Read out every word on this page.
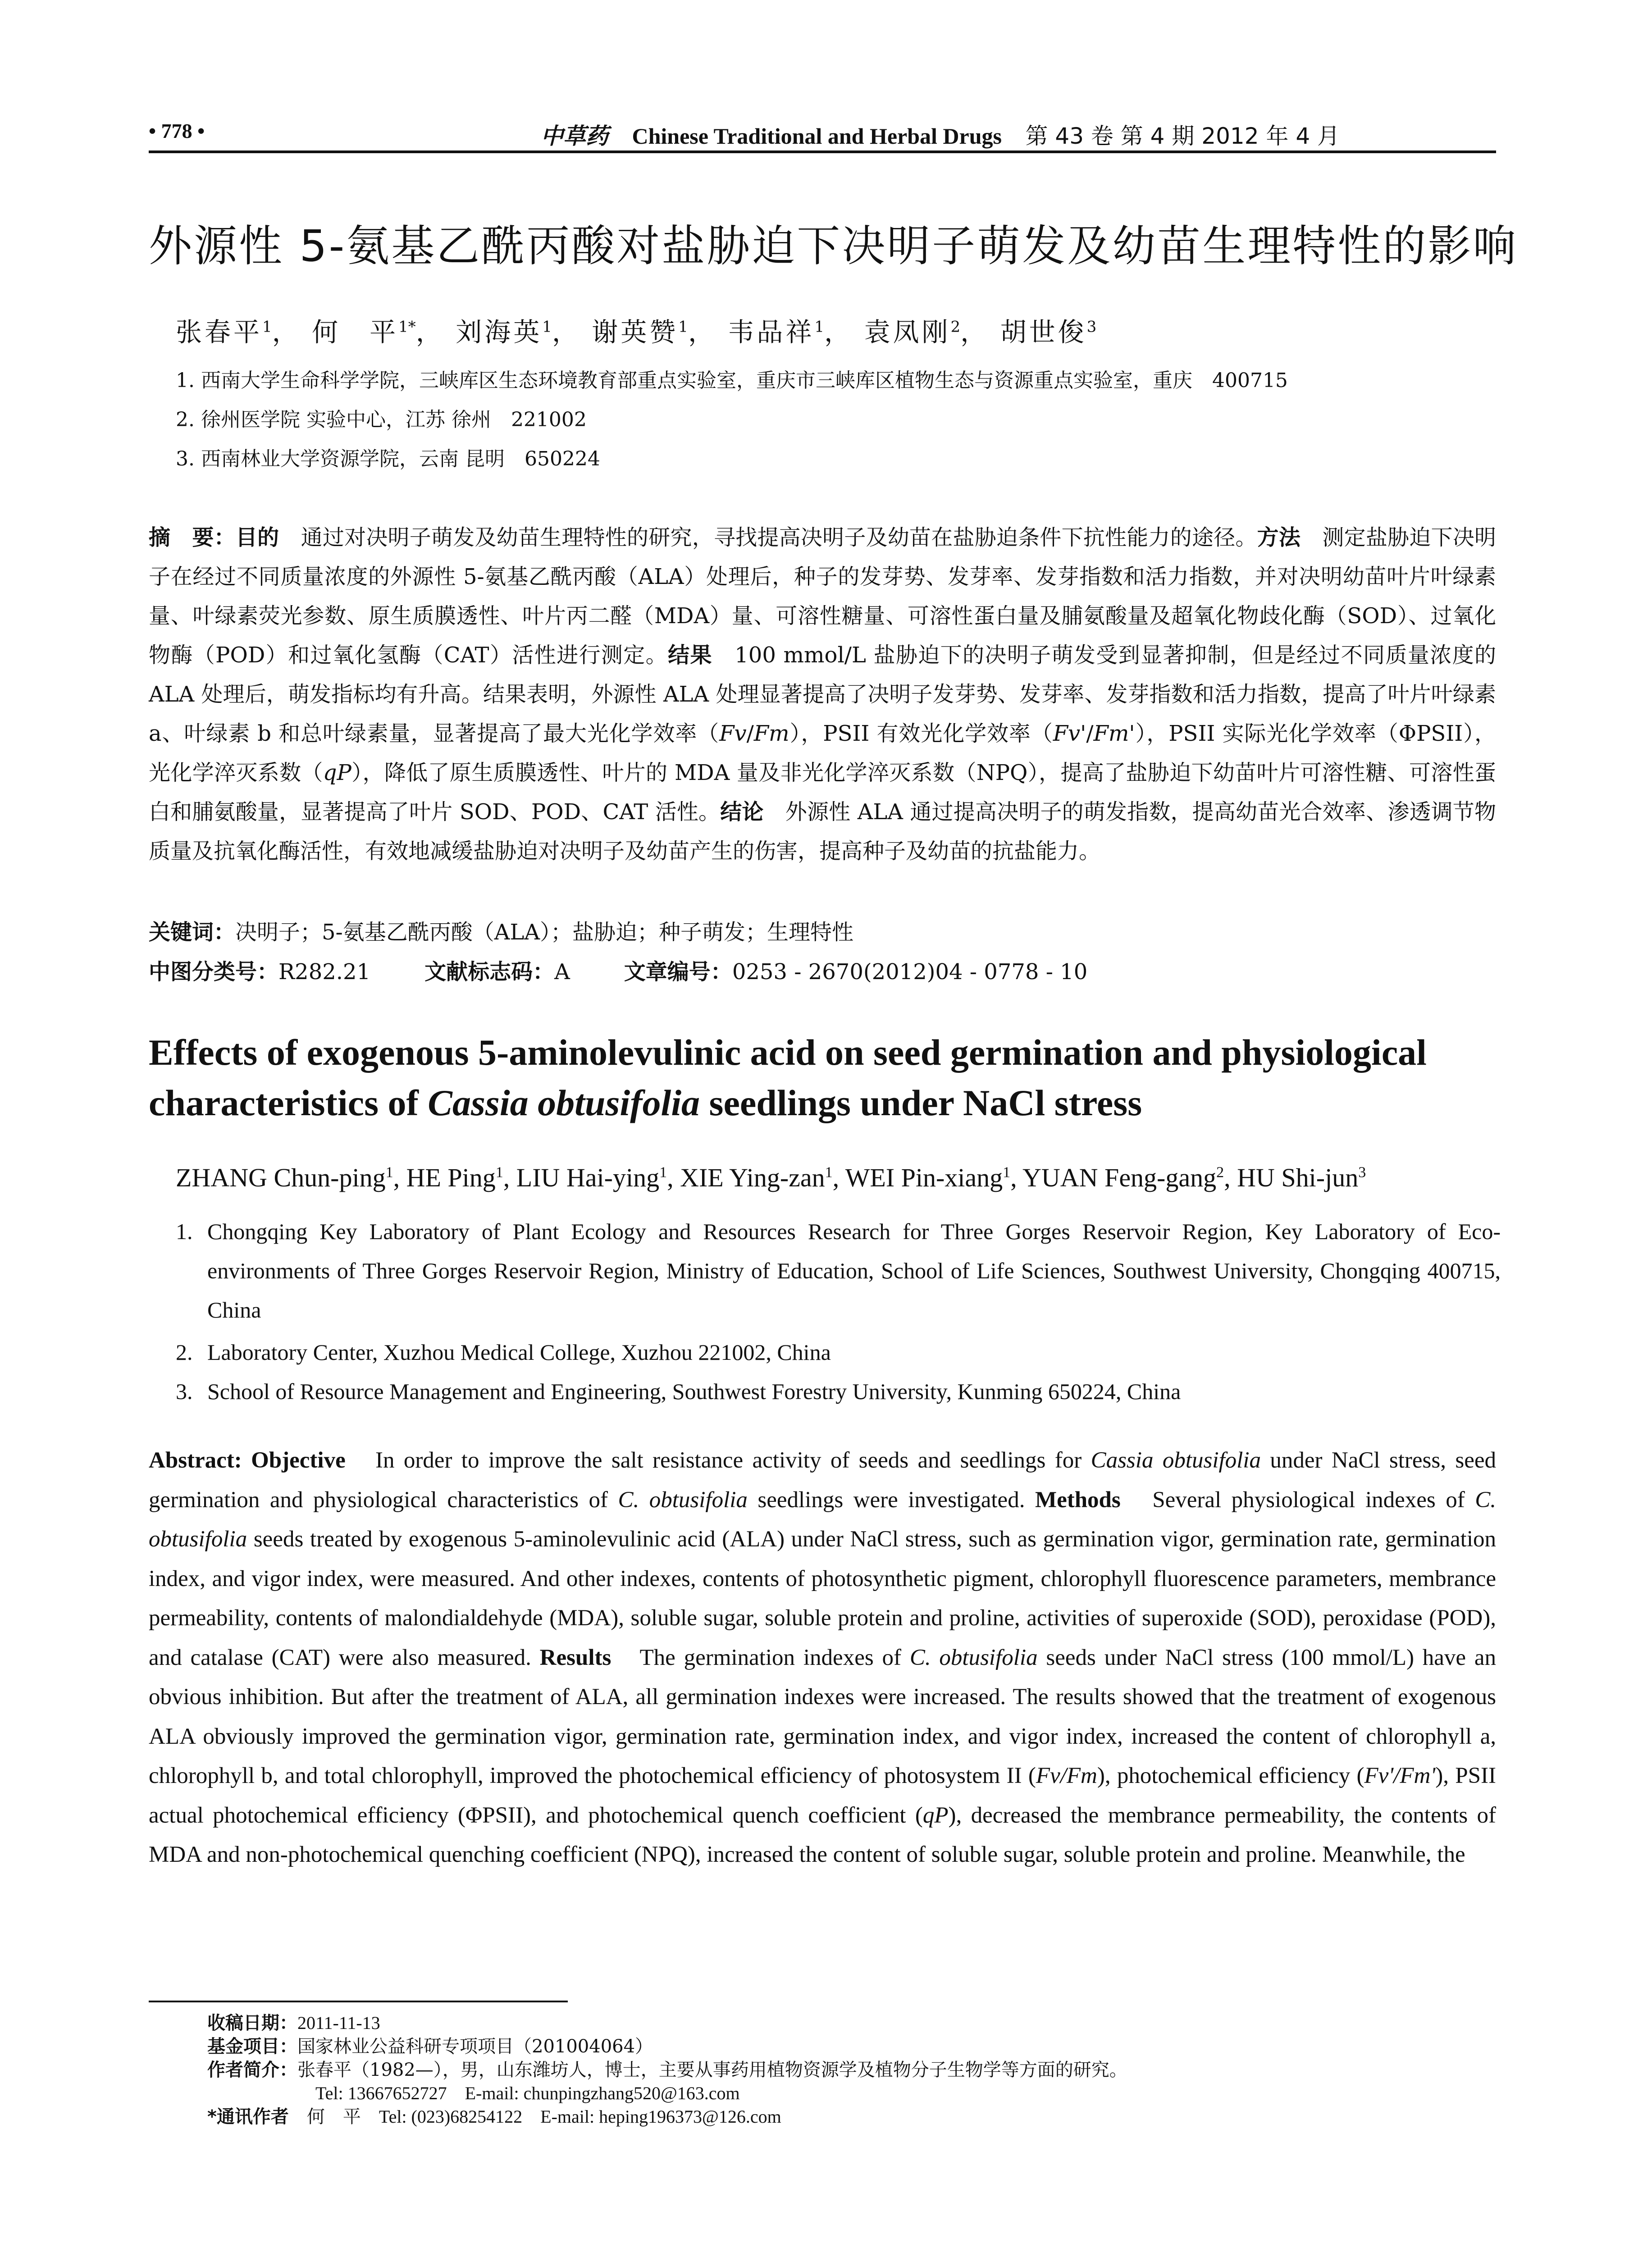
• 778 •	中草药 Chinese Traditional and Herbal Drugs 第 43 卷 第 4 期 2012 年 4 月
外源性 5-氨基乙酰丙酸对盐胁迫下决明子萌发及幼苗生理特性的影响
张春平$^1$， 何　平$^{1*}$， 刘海英$^1$， 谢英赞$^1$， 韦品祥$^1$， 袁凤刚$^2$， 胡世俊$^3$
1. 西南大学生命科学学院，三峡库区生态环境教育部重点实验室，重庆市三峡库区植物生态与资源重点实验室，重庆　400715
2. 徐州医学院 实验中心，江苏 徐州　221002
3. 西南林业大学资源学院，云南 昆明　650224
摘　要：目的　通过对决明子萌发及幼苗生理特性的研究，寻找提高决明子及幼苗在盐胁迫条件下抗性能力的途径。方法　测定盐胁迫下决明子在经过不同质量浓度的外源性 5-氨基乙酰丙酸（ALA）处理后，种子的发芽势、发芽率、发芽指数和活力指数，并对决明幼苗叶片叶绿素量、叶绿素荧光参数、原生质膜透性、叶片丙二醛（MDA）量、可溶性糖量、可溶性蛋白量及脯氨酸量及超氧化物歧化酶（SOD）、过氧化物酶（POD）和过氧化氢酶（CAT）活性进行测定。结果　100 mmol/L 盐胁迫下的决明子萌发受到显著抑制，但是经过不同质量浓度的 ALA 处理后，萌发指标均有升高。结果表明，外源性 ALA 处理显著提高了决明子发芽势、发芽率、发芽指数和活力指数，提高了叶片叶绿素 a、叶绿素 b 和总叶绿素量，显著提高了最大光化学效率（Fv/Fm），PSII 有效光化学效率（Fv'/Fm'），PSII 实际光化学效率（ΦPSII），光化学淬灭系数（qP），降低了原生质膜透性、叶片的 MDA 量及非光化学淬灭系数（NPQ），提高了盐胁迫下幼苗叶片可溶性糖、可溶性蛋白和脯氨酸量，显著提高了叶片 SOD、POD、CAT 活性。结论　外源性 ALA 通过提高决明子的萌发指数，提高幼苗光合效率、渗透调节物质量及抗氧化酶活性，有效地减缓盐胁迫对决明子及幼苗产生的伤害，提高种子及幼苗的抗盐能力。
关键词：决明子；5-氨基乙酰丙酸（ALA）；盐胁迫；种子萌发；生理特性
中图分类号：R282.21	文献标志码：A	文章编号：0253 - 2670(2012)04 - 0778 - 10
Effects of exogenous 5-aminolevulinic acid on seed germination and physiological characteristics of Cassia obtusifolia seedlings under NaCl stress
ZHANG Chun-ping$^1$, HE Ping$^1$, LIU Hai-ying$^1$, XIE Ying-zan$^1$, WEI Pin-xiang$^1$, YUAN Feng-gang$^2$, HU Shi-jun$^3$
1. Chongqing Key Laboratory of Plant Ecology and Resources Research for Three Gorges Reservoir Region, Key Laboratory of Eco-environments of Three Gorges Reservoir Region, Ministry of Education, School of Life Sciences, Southwest University, Chongqing 400715, China
2. Laboratory Center, Xuzhou Medical College, Xuzhou 221002, China
3. School of Resource Management and Engineering, Southwest Forestry University, Kunming 650224, China
Abstract: Objective　In order to improve the salt resistance activity of seeds and seedlings for Cassia obtusifolia under NaCl stress, seed germination and physiological characteristics of C. obtusifolia seedlings were investigated. Methods　Several physiological indexes of C. obtusifolia seeds treated by exogenous 5-aminolevulinic acid (ALA) under NaCl stress, such as germination vigor, germination rate, germination index, and vigor index, were measured. And other indexes, contents of photosynthetic pigment, chlorophyll fluorescence parameters, membrance permeability, contents of malondialdehyde (MDA), soluble sugar, soluble protein and proline, activities of superoxide (SOD), peroxidase (POD), and catalase (CAT) were also measured. Results　The germination indexes of C. obtusifolia seeds under NaCl stress (100 mmol/L) have an obvious inhibition. But after the treatment of ALA, all germination indexes were increased. The results showed that the treatment of exogenous ALA obviously improved the germination vigor, germination rate, germination index, and vigor index, increased the content of chlorophyll a, chlorophyll b, and total chlorophyll, improved the photochemical efficiency of photosystem II (Fv/Fm), photochemical efficiency (Fv'/Fm'), PSII actual photochemical efficiency (ΦPSII), and photochemical quench coefficient (qP), decreased the membrance permeability, the contents of MDA and non-photochemical quenching coefficient (NPQ), increased the content of soluble sugar, soluble protein and proline. Meanwhile, the
收稿日期：2011-11-13
基金项目：国家林业公益科研专项项目（201004064）
作者简介：张春平（1982—），男，山东潍坊人，博士，主要从事药用植物资源学及植物分子生物学等方面的研究。
Tel: 13667652727　E-mail: chunpingzhang520@163.com
*通讯作者　 何　平　 Tel: (023)68254122　E-mail: heping196373@126.com
